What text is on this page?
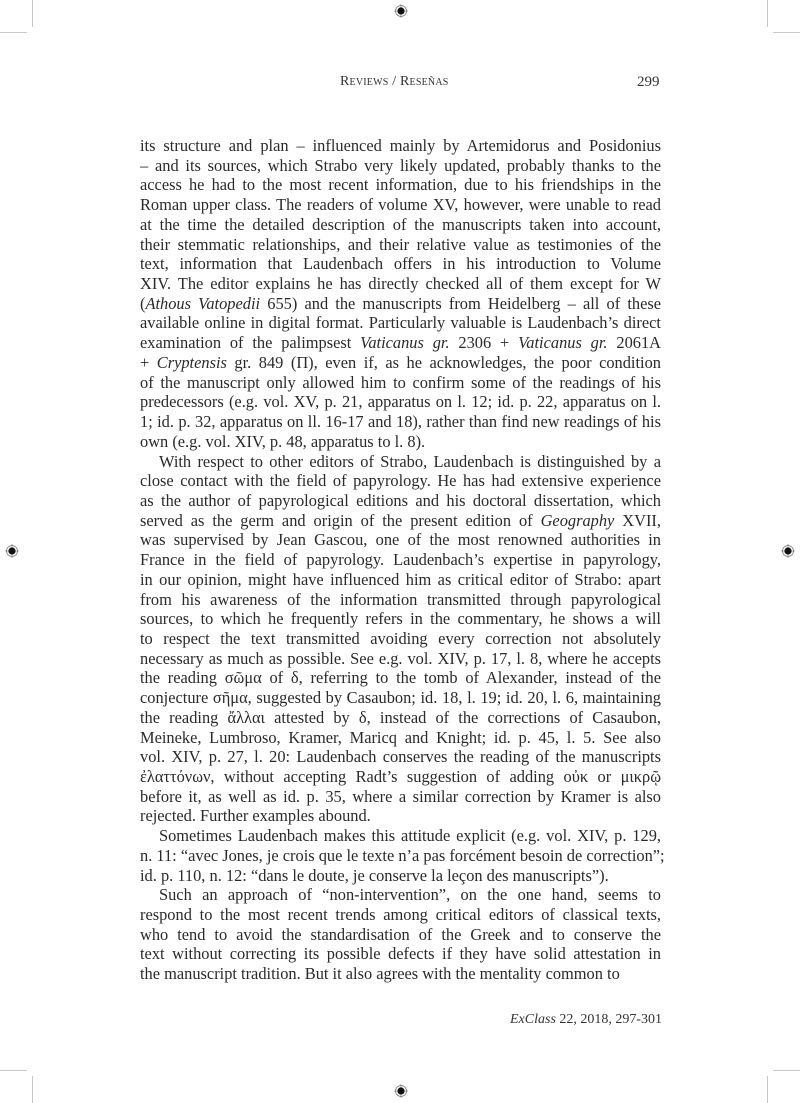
Reviews / Reseñas	299
its structure and plan – influenced mainly by Artemidorus and Posidonius
– and its sources, which Strabo very likely updated, probably thanks to the
access he had to the most recent information, due to his friendships in the
Roman upper class. The readers of volume XV, however, were unable to read
at the time the detailed description of the manuscripts taken into account,
their stemmatic relationships, and their relative value as testimonies of the
text, information that Laudenbach offers in his introduction to Volume
XIV. The editor explains he has directly checked all of them except for W
(Athous Vatopedii 655) and the manuscripts from Heidelberg – all of these
available online in digital format. Particularly valuable is Laudenbach’s direct
examination of the palimpsest Vaticanus gr. 2306 + Vaticanus gr. 2061A
+ Cryptensis gr. 849 (Π), even if, as he acknowledges, the poor condition
of the manuscript only allowed him to confirm some of the readings of his
predecessors (e.g. vol. XV, p. 21, apparatus on l. 12; id. p. 22, apparatus on l.
1; id. p. 32, apparatus on ll. 16-17 and 18), rather than find new readings of his
own (e.g. vol. XIV, p. 48, apparatus to l. 8).
With respect to other editors of Strabo, Laudenbach is distinguished by a
close contact with the field of papyrology. He has had extensive experience
as the author of papyrological editions and his doctoral dissertation, which
served as the germ and origin of the present edition of Geography XVII,
was supervised by Jean Gascou, one of the most renowned authorities in
France in the field of papyrology. Laudenbach’s expertise in papyrology,
in our opinion, might have influenced him as critical editor of Strabo: apart
from his awareness of the information transmitted through papyrological
sources, to which he frequently refers in the commentary, he shows a will
to respect the text transmitted avoiding every correction not absolutely
necessary as much as possible. See e.g. vol. XIV, p. 17, l. 8, where he accepts
the reading σῶμα of δ, referring to the tomb of Alexander, instead of the
conjecture σῆμα, suggested by Casaubon; id. 18, l. 19; id. 20, l. 6, maintaining
the reading ἄλλαι attested by δ, instead of the corrections of Casaubon,
Meineke, Lumbroso, Kramer, Maricq and Knight; id. p. 45, l. 5. See also
vol. XIV, p. 27, l. 20: Laudenbach conserves the reading of the manuscripts
ἐλαττόνων, without accepting Radt’s suggestion of adding οὐκ or μικρῷ
before it, as well as id. p. 35, where a similar correction by Kramer is also
rejected. Further examples abound.
Sometimes Laudenbach makes this attitude explicit (e.g. vol. XIV, p. 129,
n. 11: “avec Jones, je crois que le texte n’a pas forcément besoin de correction”;
id. p. 110, n. 12: “dans le doute, je conserve la leçon des manuscripts”).
Such an approach of “non-intervention”, on the one hand, seems to
respond to the most recent trends among critical editors of classical texts,
who tend to avoid the standardisation of the Greek and to conserve the
text without correcting its possible defects if they have solid attestation in
the manuscript tradition. But it also agrees with the mentality common to
ExClass 22, 2018, 297-301
